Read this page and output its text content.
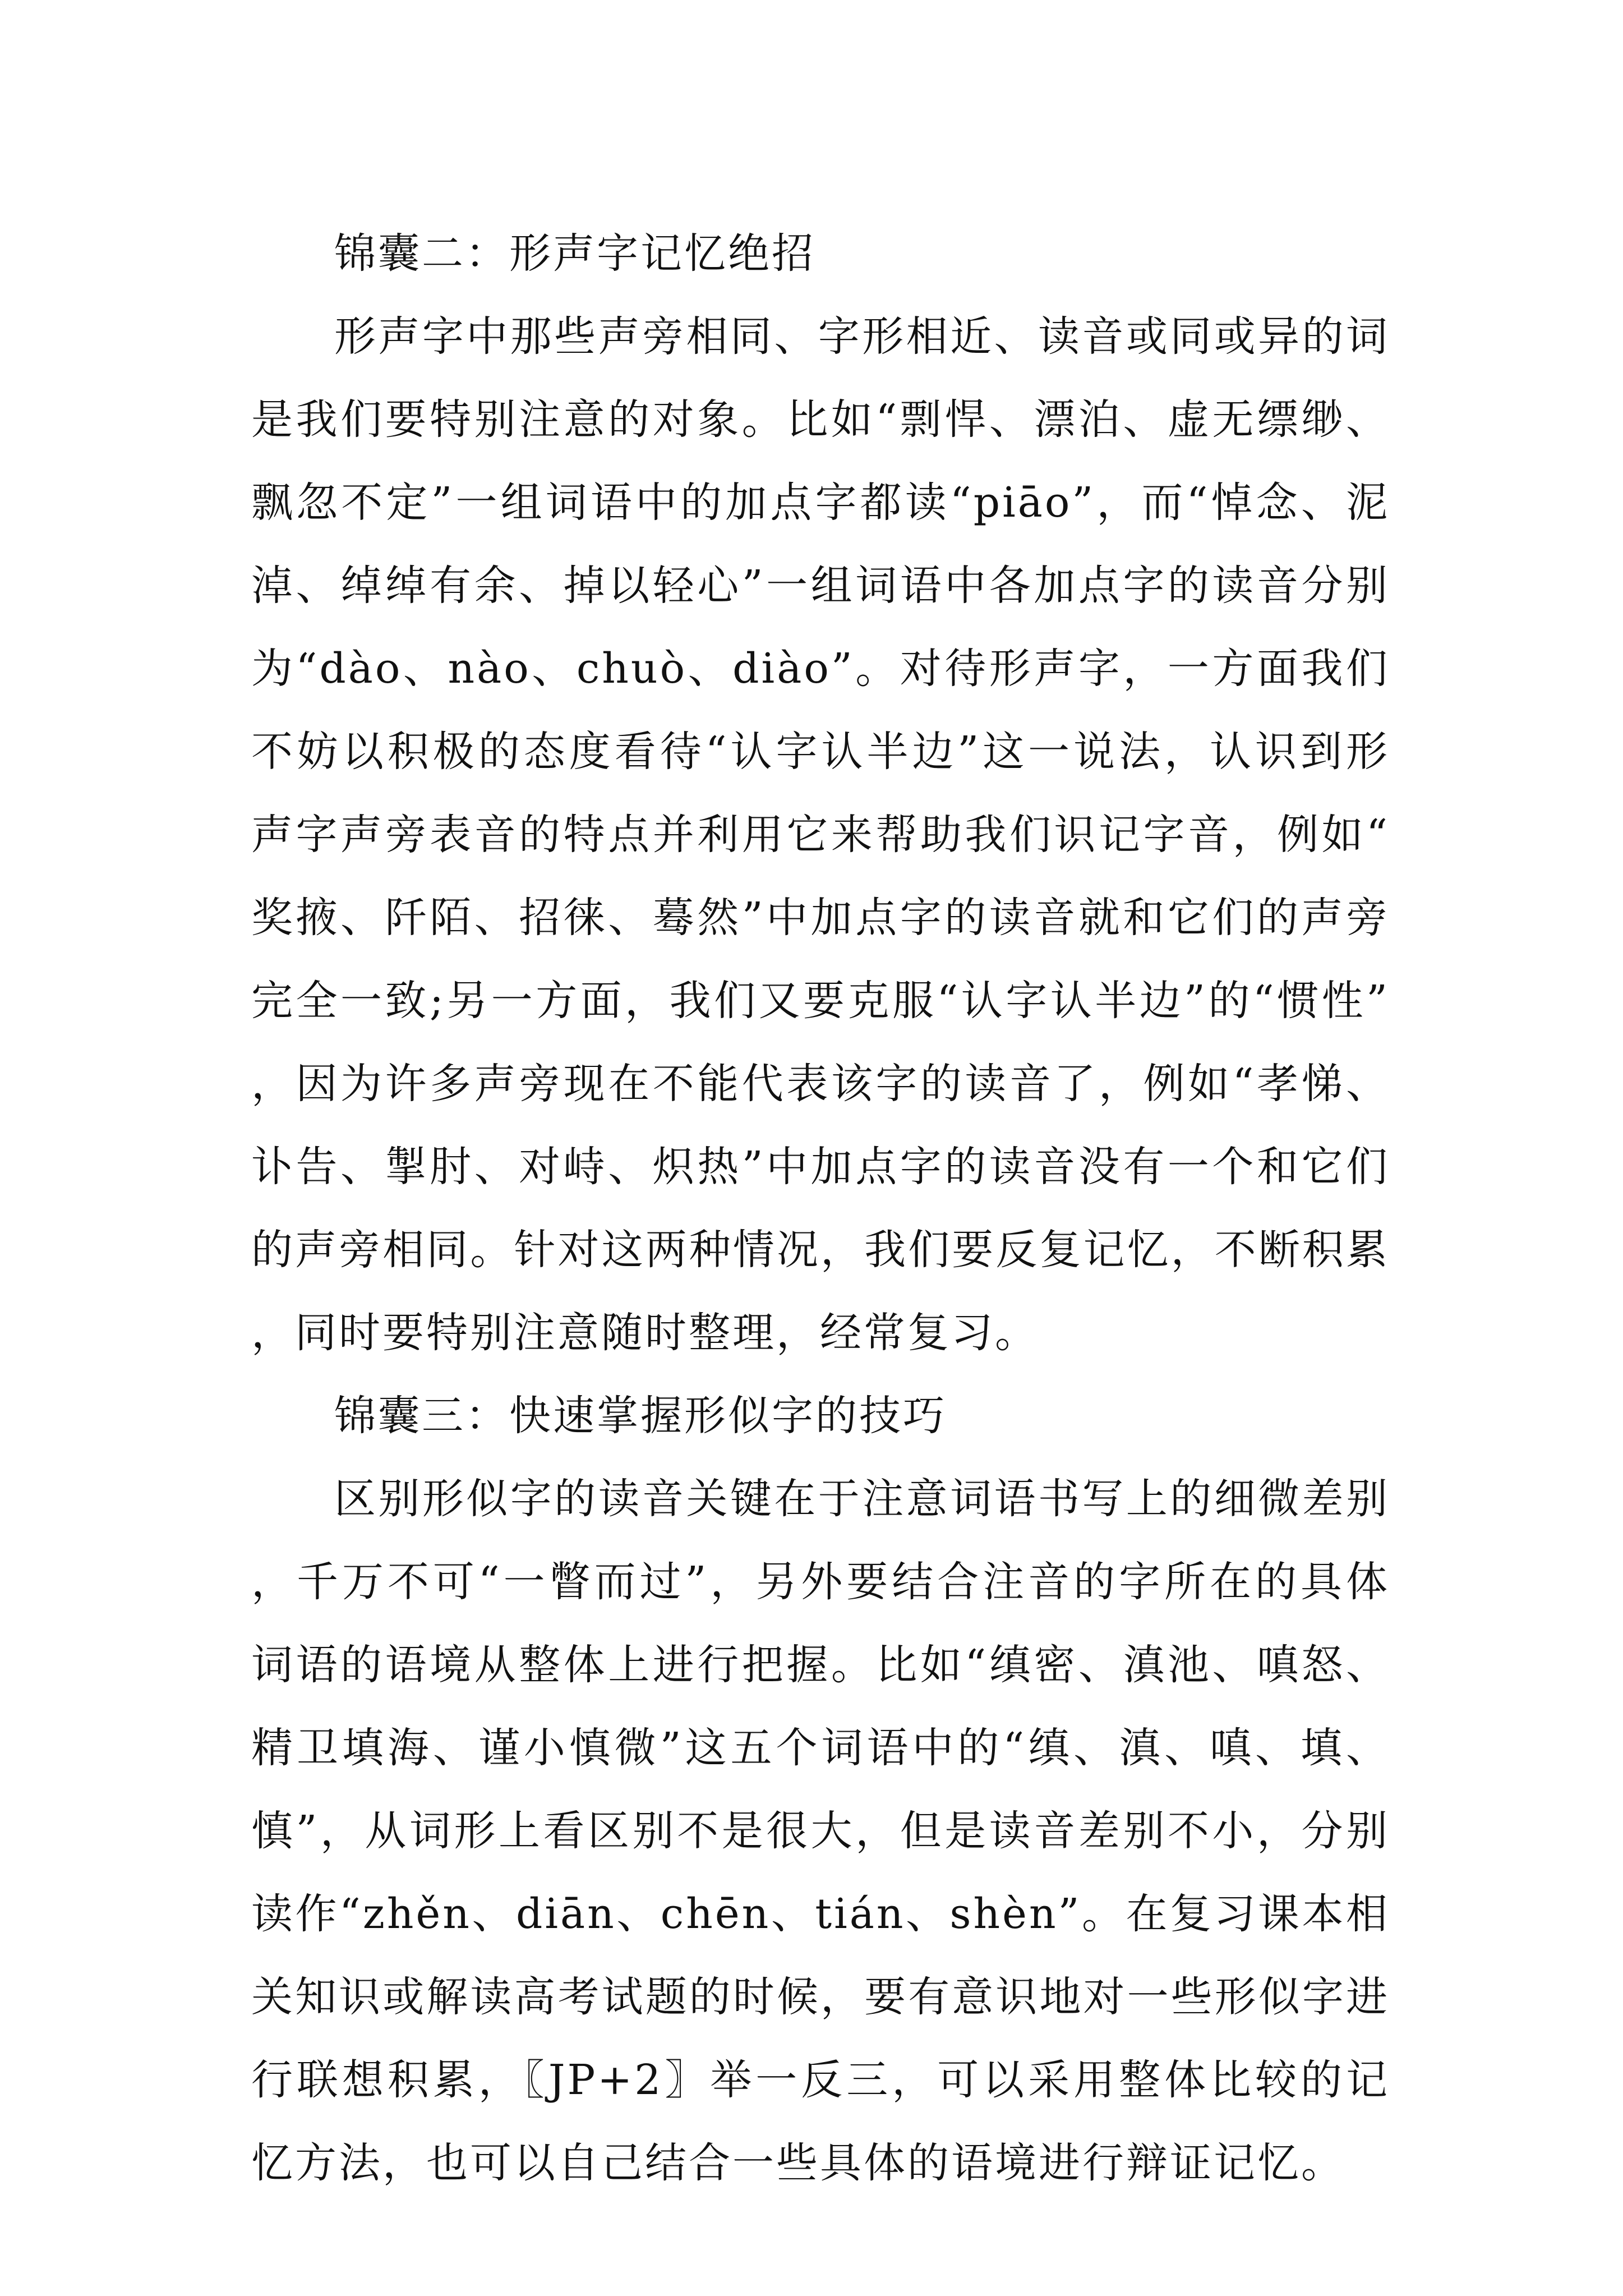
锦囊二：形声字记忆绝招

形声字中那些声旁相同、字形相近、读音或同或异的词是我们要特别注意的对象。比如“剽悍、漂泊、虚无缥缈、飘忽不定”一组词语中的加点字都读“piāo”，而“悼念、泥淖、绰绰有余、掉以轻心”一组词语中各加点字的读音分别为“dào、nào、chuò、diào”。对待形声字，一方面我们不妨以积极的态度看待“认字认半边”这一说法，认识到形声字声旁表音的特点并利用它来帮助我们识记字音，例如“奖掖、阡陌、招徕、蓦然”中加点字的读音就和它们的声旁完全一致;另一方面，我们又要克服“认字认半边”的“惯性”，因为许多声旁现在不能代表该字的读音了，例如“孝悌、讣告、掣肘、对峙、炽热”中加点字的读音没有一个和它们的声旁相同。针对这两种情况，我们要反复记忆，不断积累，同时要特别注意随时整理，经常复习。

锦囊三：快速掌握形似字的技巧

区别形似字的读音关键在于注意词语书写上的细微差别，千万不可“一瞥而过”，另外要结合注音的字所在的具体词语的语境从整体上进行把握。比如“缜密、滇池、嗔怒、精卫填海、谨小慎微”这五个词语中的“缜、滇、嗔、填、慎”，从词形上看区别不是很大，但是读音差别不小，分别读作“zhěn、diān、chēn、tián、shèn”。在复习课本相关知识或解读高考试题的时候，要有意识地对一些形似字进行联想积累，〖JP+2〗举一反三，可以采用整体比较的记忆方法，也可以自己结合一些具体的语境进行辩证记忆。
